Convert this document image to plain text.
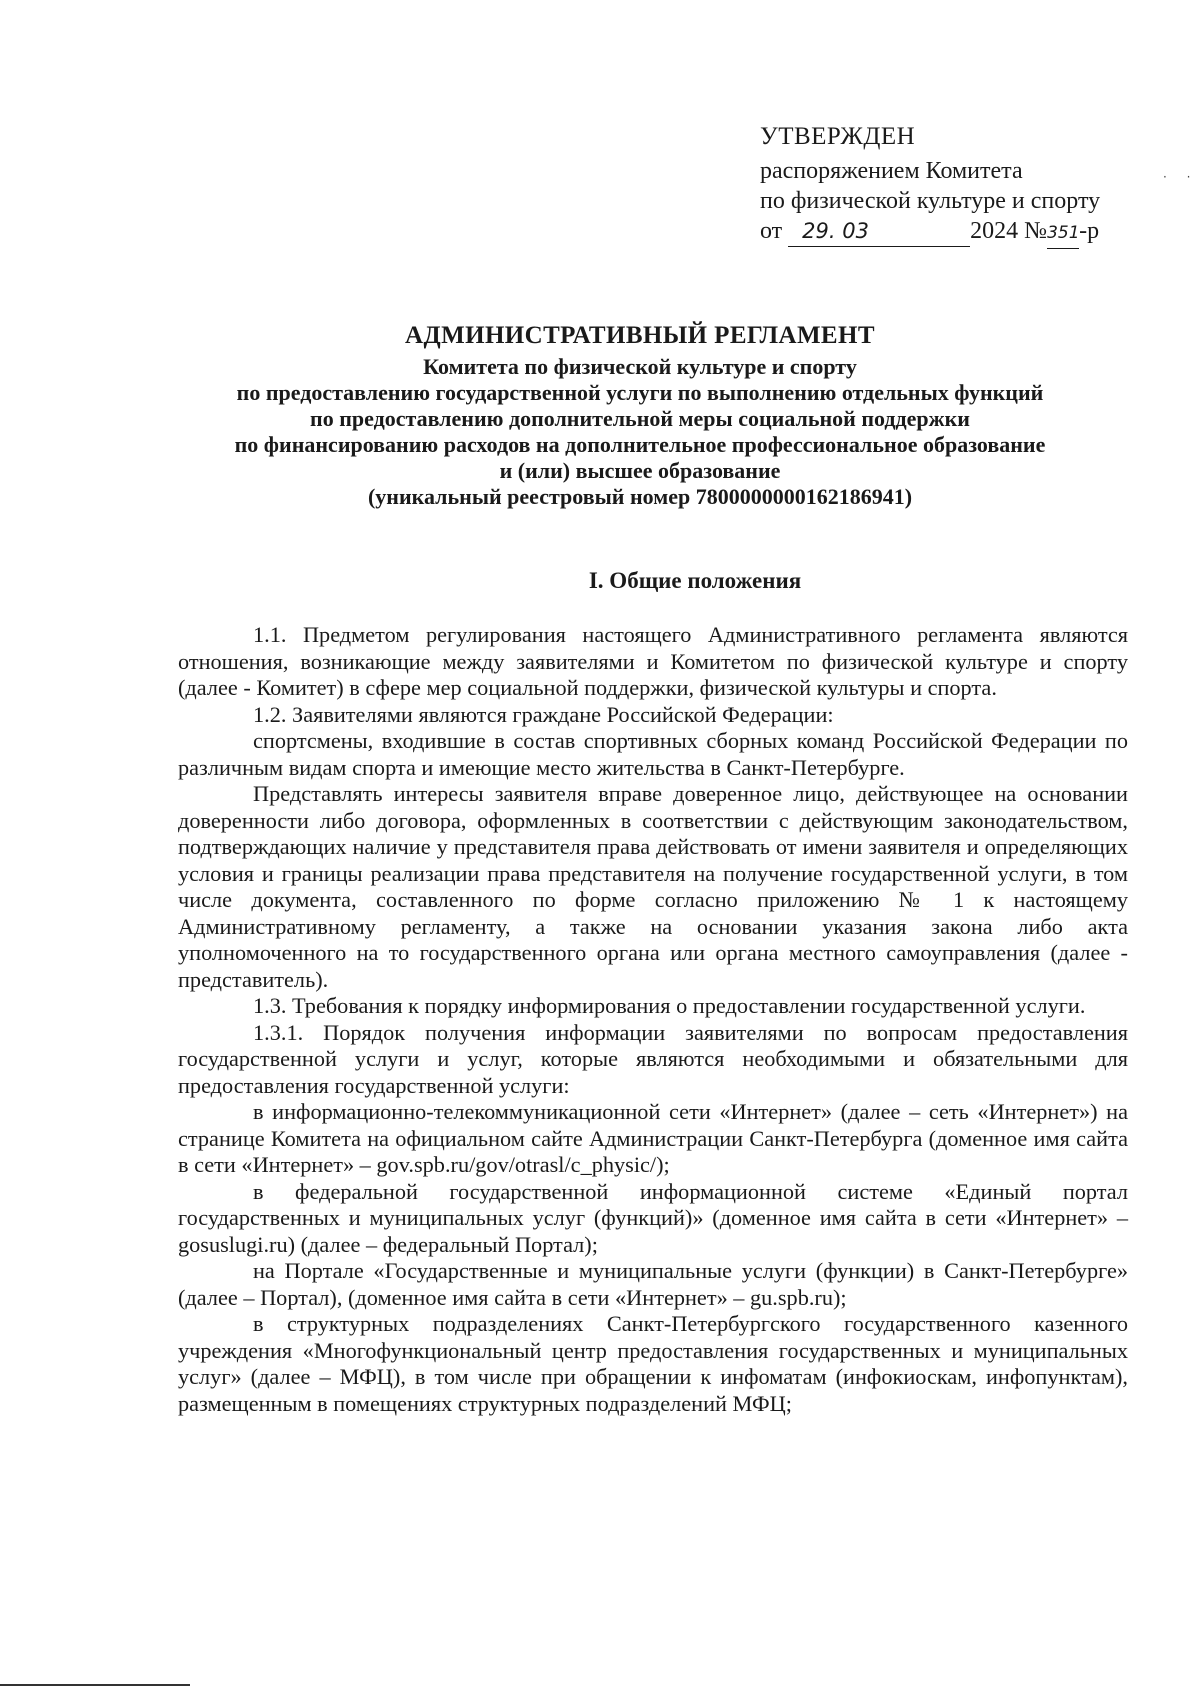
УТВЕРЖДЕН
распоряжением Комитета
по физической культуре и спорту
от 29. 03	2024 №351-р
· ·
АДМИНИСТРАТИВНЫЙ РЕГЛАМЕНТ
Комитета по физической культуре и спорту
по предоставлению государственной услуги по выполнению отдельных функций
по предоставлению дополнительной меры социальной поддержки
по финансированию расходов на дополнительное профессиональное образование
и (или) высшее образование
(уникальный реестровый номер 7800000000162186941)
I. Общие положения

1.1. Предметом регулирования настоящего Административного регламента являются отношения, возникающие между заявителями и Комитетом по физической культуре и спорту (далее - Комитет) в сфере мер социальной поддержки, физической культуры и спорта.

1.2. Заявителями являются граждане Российской Федерации:

спортсмены, входившие в состав спортивных сборных команд Российской Федерации по различным видам спорта и имеющие место жительства в Санкт-Петербурге.

Представлять интересы заявителя вправе доверенное лицо, действующее на основании доверенности либо договора, оформленных в соответствии с действующим законодательством, подтверждающих наличие у представителя права действовать от имени заявителя и определяющих условия и границы реализации права представителя на получение государственной услуги, в том числе документа, составленного по форме согласно приложению № 1 к настоящему Административному регламенту, а также на основании указания закона либо акта уполномоченного на то государственного органа или органа местного самоуправления (далее - представитель).

1.3. Требования к порядку информирования о предоставлении государственной услуги.

1.3.1. Порядок получения информации заявителями по вопросам предоставления государственной услуги и услуг, которые являются необходимыми и обязательными для предоставления государственной услуги:

в информационно-телекоммуникационной сети «Интернет» (далее – сеть «Интернет») на странице Комитета на официальном сайте Администрации Санкт-Петербурга (доменное имя сайта в сети «Интернет» – gov.spb.ru/gov/otrasl/c_physic/);

в федеральной государственной информационной системе «Единый портал государственных и муниципальных услуг (функций)» (доменное имя сайта в сети «Интернет» – gosuslugi.ru) (далее – федеральный Портал);

на Портале «Государственные и муниципальные услуги (функции) в Санкт-Петербурге» (далее – Портал), (доменное имя сайта в сети «Интернет» – gu.spb.ru);

в структурных подразделениях Санкт-Петербургского государственного казенного учреждения «Многофункциональный центр предоставления государственных и муниципальных услуг» (далее – МФЦ), в том числе при обращении к инфоматам (инфокиоскам, инфопунктам), размещенным в помещениях структурных подразделений МФЦ;
